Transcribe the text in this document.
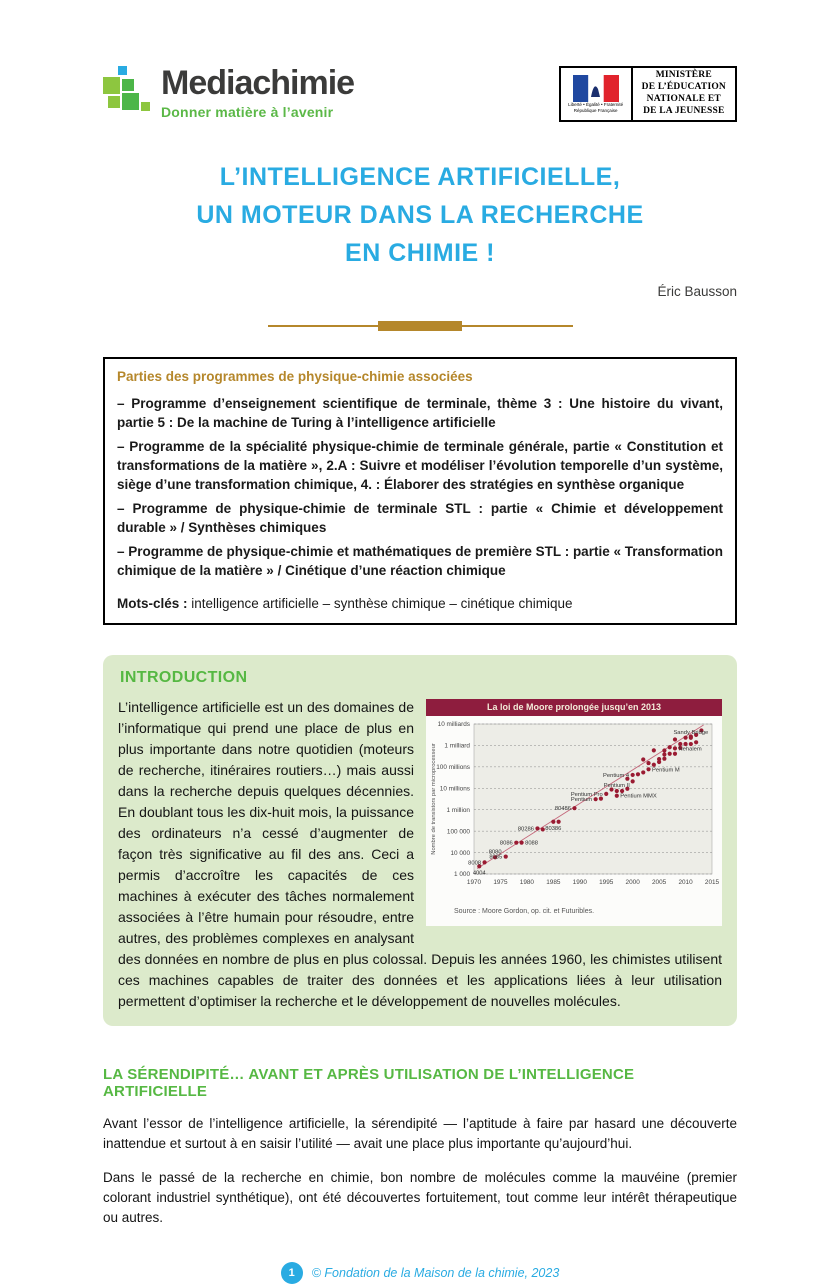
Mediachimie
Donner matière à l’avenir	Liberté • Égalité • Fraternité
République Française
MINISTÈRE
DE L’ÉDUCATION
NATIONALE ET
DE LA JEUNESSE
L’INTELLIGENCE ARTIFICIELLE,
UN MOTEUR DANS LA RECHERCHE
EN CHIMIE !
Éric Bausson
Parties des programmes de physique-chimie associées
– Programme d’enseignement scientifique de terminale, thème 3 : Une histoire du vivant, partie 5 : De la machine de Turing à l’intelligence artificielle
– Programme de la spécialité physique-chimie de terminale générale, partie « Constitution et transformations de la matière », 2.A : Suivre et modéliser l’évolution temporelle d’un système, siège d’une transformation chimique, 4. : Élaborer des stratégies en synthèse organique
– Programme de physique-chimie de terminale STL : partie « Chimie et développement durable » / Synthèses chimiques
– Programme de physique-chimie et mathématiques de première STL : partie « Transformation chimique de la matière » / Cinétique d’une réaction chimique
Mots-clés : intelligence artificielle – synthèse chimique – cinétique chimique
INTRODUCTION
La loi de Moore prolongée jusqu’en 2013
10 milliards
1 milliard
100 millions
10 millions
1 million
100 000
10 000
1 000
1970 1975 1980 1985 1990 1995 2000 2005 2010 2015
4004
8008
8080
8085
8086 8088
80286 80386
80486
Pentium
Pentium Pro	Pentium MMX
Pentium II
Pentium 4
Pentium M
Nehalem
Sandy Bridge
Nombre de transistors par microprocesseur
Source : Moore Gordon, op. cit. et Futuribles.
L’intelligence artificielle est un des domaines de l’informatique qui prend une place de plus en plus importante dans notre quotidien (moteurs de recherche, itinéraires routiers…) mais aussi dans la recherche depuis quelques décennies. En doublant tous les dix-huit mois, la puissance des ordinateurs n’a cessé d’augmenter de façon très significative au fil des ans. Ceci a permis d’accroître les capacités de ces machines à exécuter des tâches normalement associées à l’être humain pour résoudre, entre autres, des problèmes complexes en analysant des données en nombre de plus en plus colossal. Depuis les années 1960, les chimistes utilisent ces machines capables de traiter des données et les applications liées à leur utilisation permettent d’optimiser la recherche et le développement de nouvelles molécules.
LA SÉRENDIPITÉ… AVANT ET APRÈS UTILISATION DE L’INTELLIGENCE ARTIFICIELLE
Avant l’essor de l’intelligence artificielle, la sérendipité — l’aptitude à faire par hasard une découverte inattendue et surtout à en saisir l’utilité — avait une place plus importante qu’aujourd’hui.
Dans le passé de la recherche en chimie, bon nombre de molécules comme la mauvéine (premier colorant industriel synthétique), ont été découvertes fortuitement, tout comme leur intérêt thérapeutique ou autres.
1	© Fondation de la Maison de la chimie, 2023
